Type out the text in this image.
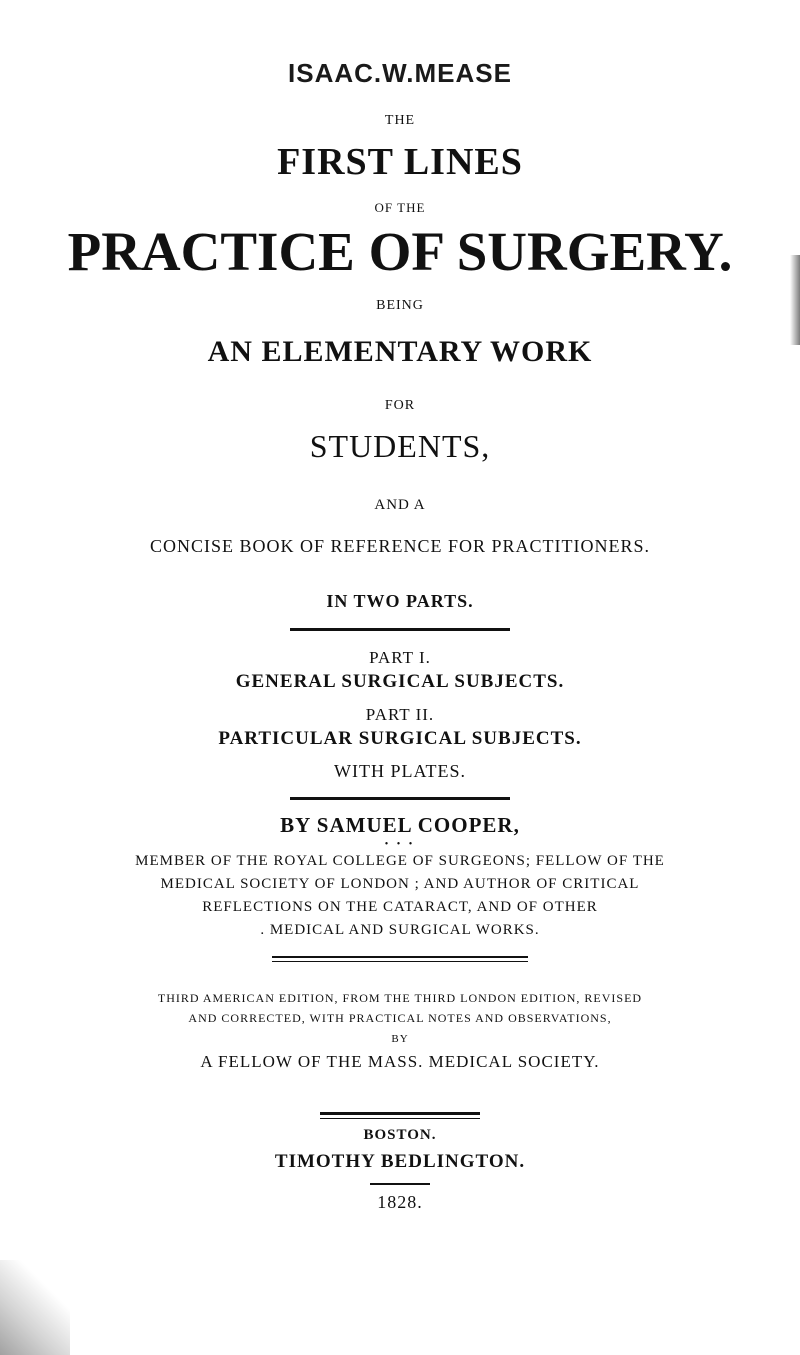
ISAAC.W.MEASE
THE
FIRST LINES
OF THE
PRACTICE OF SURGERY.
BEING
AN ELEMENTARY WORK
FOR
STUDENTS,
AND A
CONCISE BOOK OF REFERENCE FOR PRACTITIONERS.
IN TWO PARTS.
PART I.
GENERAL SURGICAL SUBJECTS.
PART II.
PARTICULAR SURGICAL SUBJECTS.
WITH PLATES.
BY SAMUEL COOPER,
• • •
MEMBER OF THE ROYAL COLLEGE OF SURGEONS; FELLOW OF THE
MEDICAL SOCIETY OF LONDON ; AND AUTHOR OF CRITICAL
REFLECTIONS ON THE CATARACT, AND OF OTHER
. MEDICAL AND SURGICAL WORKS.
THIRD AMERICAN EDITION, FROM THE THIRD LONDON EDITION, REVISED
AND CORRECTED, WITH PRACTICAL NOTES AND OBSERVATIONS,
BY
A FELLOW OF THE MASS. MEDICAL SOCIETY.
BOSTON.
TIMOTHY BEDLINGTON.
1828.
